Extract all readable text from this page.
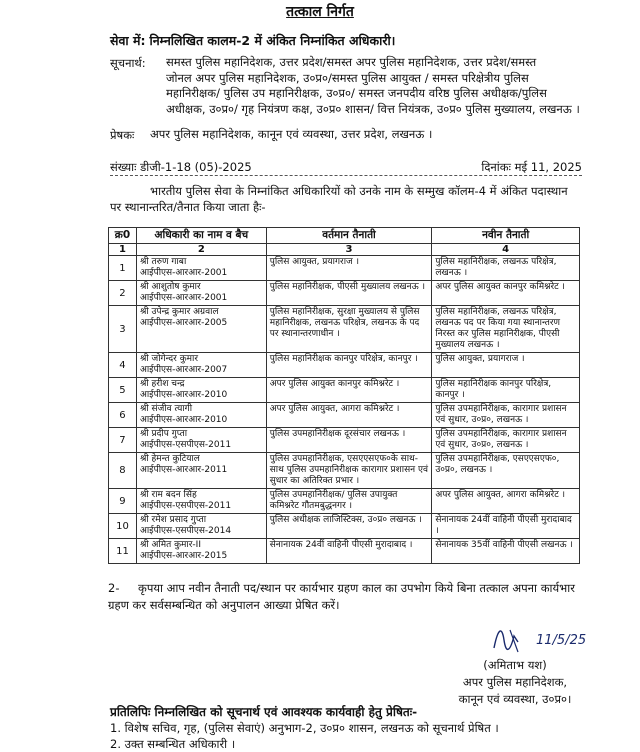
तत्काल निर्गत
सेवा में: निम्नलिखित कालम-2 में अंकित निम्नांकित अधिकारी।
सूचनार्थ: समस्त पुलिस महानिदेशक, उत्तर प्रदेश/समस्त अपर पुलिस महानिदेशक, उत्तर प्रदेश/समस्त
जोनल अपर पुलिस महानिदेशक, उ०प्र०/समस्त पुलिस आयुक्त / समस्त परिक्षेत्रीय पुलिस
महानिरीक्षक/ पुलिस उप महानिरीक्षक, उ०प्र०/ समस्त जनपदीय वरिष्ठ पुलिस अधीक्षक/पुलिस
अधीक्षक, उ०प्र०/ गृह नियंत्रण कक्ष, उ०प्र० शासन/ वित्त नियंत्रक, उ०प्र० पुलिस मुख्यालय, लखनऊ ।
प्रेषकः अपर पुलिस महानिदेशक, कानून एवं व्यवस्था, उत्तर प्रदेश, लखनऊ ।
संख्याः डीजी-1-18 (05)-2025	दिनांकः मई 11, 2025
भारतीय पुलिस सेवा के निम्नांकित अधिकारियों को उनके नाम के सम्मुख कॉलम-4 में अंकित पदास्थान पर स्थानान्तरित/तैनात किया जाता हैः-
क्र0	अधिकारी का नाम व बैच	वर्तमान तैनाती	नवीन तैनाती
1	2	3	4
1	श्री तरुण गाबा
आईपीएस-आरआर-2001	पुलिस आयुक्त, प्रयागराज ।	पुलिस महानिरीक्षक, लखनऊ परिक्षेत्र, लखनऊ ।
2	श्री आशुतोष कुमार
आईपीएस-आरआर-2001	पुलिस महानिरीक्षक, पीएसी मुख्यालय लखनऊ ।	अपर पुलिस आयुक्त कानपुर कमिश्नरेट ।
3	श्री उपेन्द्र कुमार अग्रवाल
आईपीएस-आरआर-2005	पुलिस महानिरीक्षक, सुरक्षा मुख्यालय से पुलिस महानिरीक्षक, लखनऊ परिक्षेत्र, लखनऊ के पद पर स्थानान्तरणाधीन ।	पुलिस महानिरीक्षक, लखनऊ परिक्षेत्र, लखनऊ पद पर किया गया स्थानान्तरण निरस्त कर पुलिस महानिरीक्षक, पीएसी मुख्यालय लखनऊ ।
4	श्री जोगेन्दर कुमार
आईपीएस-आरआर-2007	पुलिस महानिरीक्षक कानपुर परिक्षेत्र, कानपुर ।	पुलिस आयुक्त, प्रयागराज ।
5	श्री हरीश चन्द्र
आईपीएस-आरआर-2010	अपर पुलिस आयुक्त कानपुर कमिश्नरेट ।	पुलिस महानिरीक्षक कानपुर परिक्षेत्र, कानपुर ।
6	श्री संजीव त्यागी
आईपीएस-आरआर-2010	अपर पुलिस आयुक्त, आगरा कमिश्नरेट ।	पुलिस उपमहानिरीक्षक, कारागार प्रशासन एवं सुधार, उ०प्र०, लखनऊ ।
7	श्री प्रदीप गुप्ता
आईपीएस-एसपीएस-2011	पुलिस उपमहानिरीक्षक दूरसंचार लखनऊ ।	पुलिस उपमहानिरीक्षक, कारागार प्रशासन एवं सुधार, उ०प्र०, लखनऊ ।
8	श्री हेमन्त कुटियाल
आईपीएस-आरआर-2011	पुलिस उपमहानिरीक्षक, एसएएसएफ०के साथ-साथ पुलिस उपमहानिरीक्षक कारागार प्रशासन एवं सुधार का अतिरिक्त प्रभार ।	पुलिस उपमहानिरीक्षक, एसएएसएफ०, उ०प्र०, लखनऊ ।
9	श्री राम बदन सिंह
आईपीएस-एसपीएस-2011	पुलिस उपमहानिरीक्षक/ पुलिस उपायुक्त कमिश्नरेट गौतमबुद्धनगर ।	अपर पुलिस आयुक्त, आगरा कमिश्नरेट ।
10	श्री रमेश प्रसाद गुप्ता
आईपीएस-एसपीएस-2014	पुलिस अधीक्षक लाजिस्टिक्स, उ०प्र० लखनऊ ।	सेनानायक 24वीं वाहिनी पीएसी मुरादाबाद ।
11	श्री अमित कुमार-II
आईपीएस-आरआर-2015	सेनानायक 24वीं वाहिनी पीएसी मुरादाबाद ।	सेनानायक 35वीं वाहिनी पीएसी लखनऊ ।
2-	कृपया आप नवीन तैनाती पद/स्थान पर कार्यभार ग्रहण काल का उपभोग किये बिना तत्काल अपना कार्यभार ग्रहण कर सर्वसम्बन्धित को अनुपालन आख्या प्रेषित करें।
11/5/25
(अमिताभ यश)
अपर पुलिस महानिदेशक,
कानून एवं व्यवस्था, उ०प्र०।
प्रतिलिपिः निम्नलिखित को सूचनार्थ एवं आवश्यक कार्यवाही हेतु प्रेषितः-
1. विशेष सचिव, गृह, (पुलिस सेवाएं) अनुभाग-2, उ०प्र० शासन, लखनऊ को सूचनार्थ प्रेषित ।
2. उक्त सम्बन्धित अधिकारी ।
